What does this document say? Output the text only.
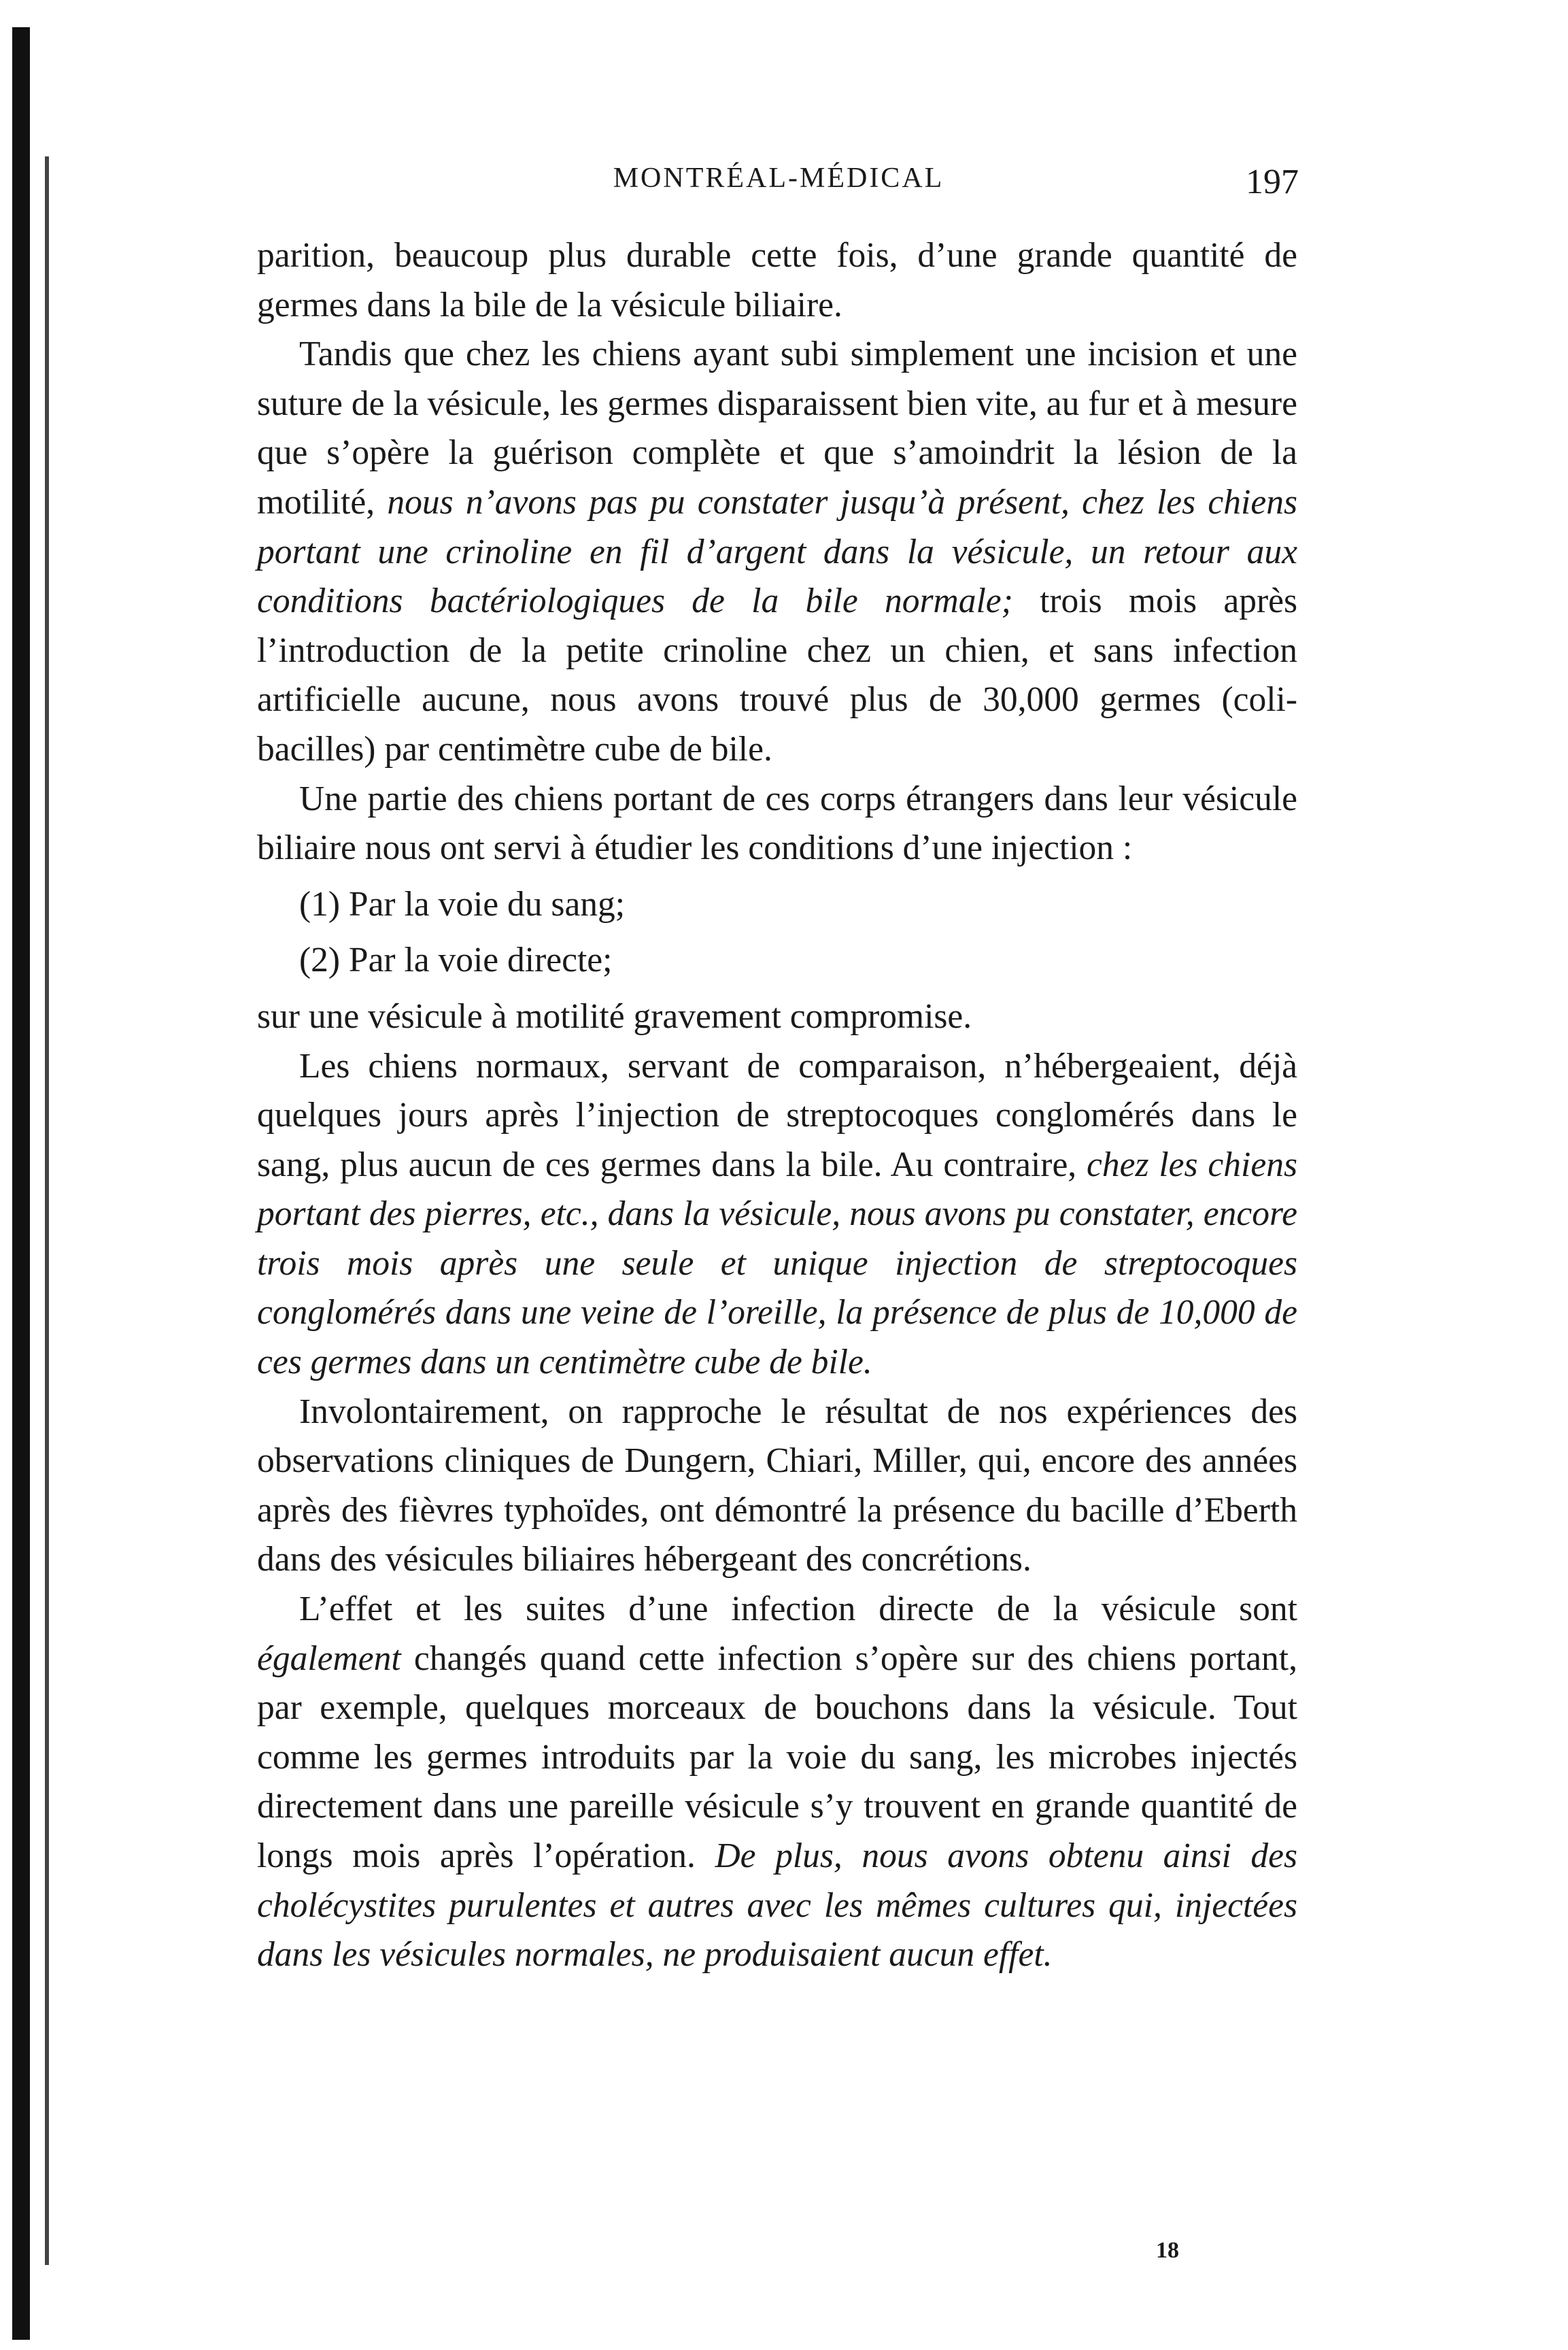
MONTRÉAL-MÉDICAL	197

parition, beaucoup plus durable cette fois, d’une grande quantité de germes dans la bile de la vésicule biliaire.

Tandis que chez les chiens ayant subi simplement une incision et une suture de la vésicule, les germes disparaissent bien vite, au fur et à mesure que s’opère la guérison complète et que s’amoindrit la lésion de la motilité, nous n’avons pas pu constater jusqu’à présent, chez les chiens portant une crinoline en fil d’argent dans la vésicule, un retour aux conditions bactériologiques de la bile normale; trois mois après l’introduction de la petite crinoline chez un chien, et sans infection artificielle aucune, nous avons trouvé plus de 30,000 germes (coli-bacilles) par centimètre cube de bile.

Une partie des chiens portant de ces corps étrangers dans leur vésicule biliaire nous ont servi à étudier les conditions d’une injection :

(1) Par la voie du sang;

(2) Par la voie directe;

sur une vésicule à motilité gravement compromise.

Les chiens normaux, servant de comparaison, n’hébergeaient, déjà quelques jours après l’injection de streptocoques conglomérés dans le sang, plus aucun de ces germes dans la bile. Au contraire, chez les chiens portant des pierres, etc., dans la vésicule, nous avons pu constater, encore trois mois après une seule et unique injection de streptocoques conglomérés dans une veine de l’oreille, la présence de plus de 10,000 de ces germes dans un centimètre cube de bile.

Involontairement, on rapproche le résultat de nos expériences des observations cliniques de Dungern, Chiari, Miller, qui, encore des années après des fièvres typhoïdes, ont démontré la présence du bacille d’Eberth dans des vésicules biliaires hébergeant des concrétions.

L’effet et les suites d’une infection directe de la vésicule sont également changés quand cette infection s’opère sur des chiens portant, par exemple, quelques morceaux de bouchons dans la vésicule. Tout comme les germes introduits par la voie du sang, les microbes injectés directement dans une pareille vésicule s’y trouvent en grande quantité de longs mois après l’opération. De plus, nous avons obtenu ainsi des cholécystites purulentes et autres avec les mêmes cultures qui, injectées dans les vésicules normales, ne produisaient aucun effet.

18
